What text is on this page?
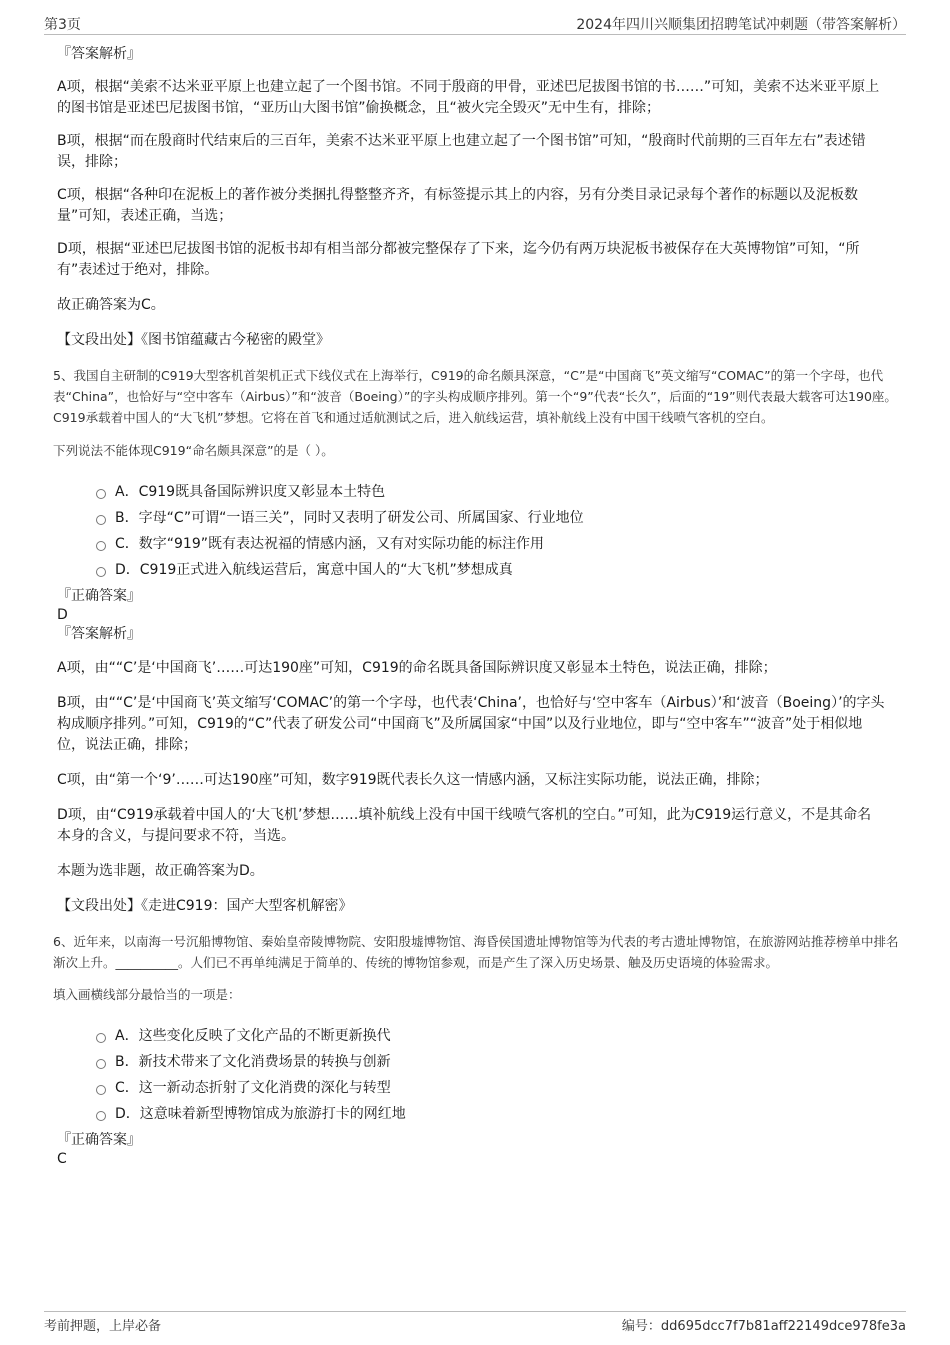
第3页	2024年四川兴顺集团招聘笔试冲刺题（带答案解析）
『答案解析』

A项，根据“美索不达米亚平原上也建立起了一个图书馆。不同于殷商的甲骨，亚述巴尼拔图书馆的书……”可知，美索不达米亚平原上的图书馆是亚述巴尼拔图书馆，“亚历山大图书馆”偷换概念，且“被火完全毁灭”无中生有，排除；

B项，根据“而在殷商时代结束后的三百年，美索不达米亚平原上也建立起了一个图书馆”可知，“殷商时代前期的三百年左右”表述错误，排除；

C项，根据“各种印在泥板上的著作被分类捆扎得整整齐齐，有标签提示其上的内容，另有分类目录记录每个著作的标题以及泥板数量”可知，表述正确，当选；

D项，根据“亚述巴尼拔图书馆的泥板书却有相当部分都被完整保存了下来，迄今仍有两万块泥板书被保存在大英博物馆”可知，“所有”表述过于绝对，排除。

故正确答案为C。

【文段出处】《图书馆蕴藏古今秘密的殿堂》

5、我国自主研制的C919大型客机首架机正式下线仪式在上海举行，C919的命名颇具深意，“C”是“中国商飞”英文缩写“COMAC”的第一个字母，也代表“China”，也恰好与“空中客车（Airbus）”和“波音（Boeing）”的字头构成顺序排列。第一个“9”代表“长久”，后面的“19”则代表最大载客可达190座。C919承载着中国人的“大飞机”梦想。它将在首飞和通过适航测试之后，进入航线运营，填补航线上没有中国干线喷气客机的空白。

下列说法不能体现C919“命名颇具深意”的是（ ）。

A．C919既具备国际辨识度又彰显本土特色
B．字母“C”可谓“一语三关”，同时又表明了研发公司、所属国家、行业地位
C．数字“919”既有表达祝福的情感内涵，又有对实际功能的标注作用
D．C919正式进入航线运营后，寓意中国人的“大飞机”梦想成真
『正确答案』
D
『答案解析』

A项，由““C’是‘中国商飞’……可达190座”可知，C919的命名既具备国际辨识度又彰显本土特色，说法正确，排除；

B项，由““C’是‘中国商飞’英文缩写‘COMAC’的第一个字母，也代表‘China’，也恰好与‘空中客车（Airbus）’和‘波音（Boeing）’的字头构成顺序排列。”可知，C919的“C”代表了研发公司“中国商飞”及所属国家“中国”以及行业地位，即与“空中客车”“波音”处于相似地位，说法正确，排除；

C项，由“第一个‘9’……可达190座”可知，数字919既代表长久这一情感内涵，又标注实际功能，说法正确，排除；

D项，由“C919承载着中国人的‘大飞机’梦想……填补航线上没有中国干线喷气客机的空白。”可知，此为C919运行意义，不是其命名本身的含义，与提问要求不符，当选。

本题为选非题，故正确答案为D。

【文段出处】《走进C919：国产大型客机解密》

6、近年来，以南海一号沉船博物馆、秦始皇帝陵博物院、安阳殷墟博物馆、海昏侯国遗址博物馆等为代表的考古遗址博物馆，在旅游网站推荐榜单中排名渐次上升。__________。人们已不再单纯满足于简单的、传统的博物馆参观，而是产生了深入历史场景、触及历史语境的体验需求。

填入画横线部分最恰当的一项是：

A．这些变化反映了文化产品的不断更新换代
B．新技术带来了文化消费场景的转换与创新
C．这一新动态折射了文化消费的深化与转型
D．这意味着新型博物馆成为旅游打卡的网红地
『正确答案』
C
考前押题，上岸必备	编号：dd695dcc7f7b81aff22149dce978fe3a
